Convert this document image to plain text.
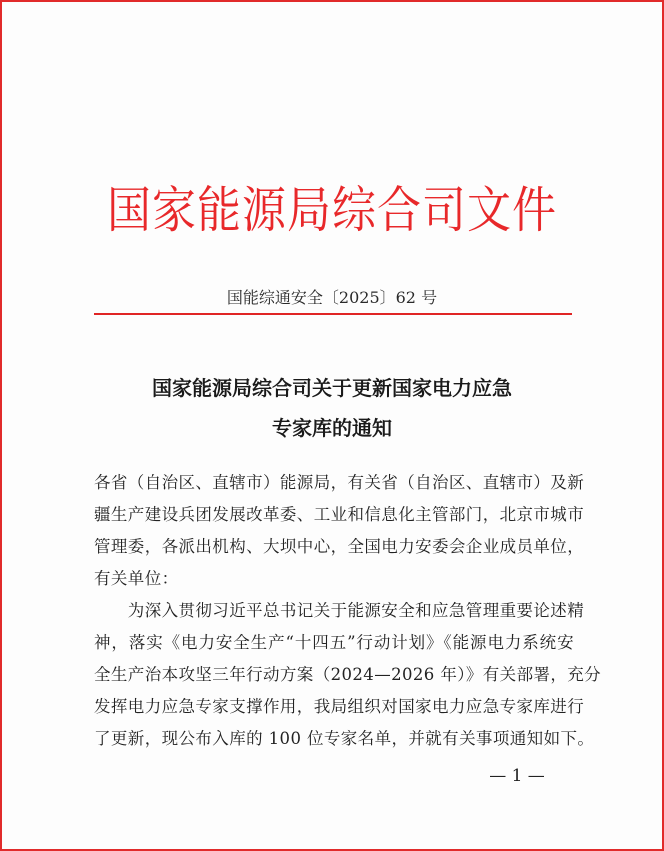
国家能源局综合司文件
国能综通安全〔2025〕62 号
国家能源局综合司关于更新国家电力应急
专家库的通知
各省（自治区、直辖市）能源局，有关省（自治区、直辖市）及新
疆生产建设兵团发展改革委、工业和信息化主管部门，北京市城市
管理委，各派出机构、大坝中心，全国电力安委会企业成员单位，
有关单位：
　　为深入贯彻习近平总书记关于能源安全和应急管理重要论述精
神，落实《电力安全生产“十四五”行动计划》《能源电力系统安
全生产治本攻坚三年行动方案（2024—2026 年）》有关部署，充分
发挥电力应急专家支撑作用，我局组织对国家电力应急专家库进行
了更新，现公布入库的 100 位专家名单，并就有关事项通知如下。
— 1 —
